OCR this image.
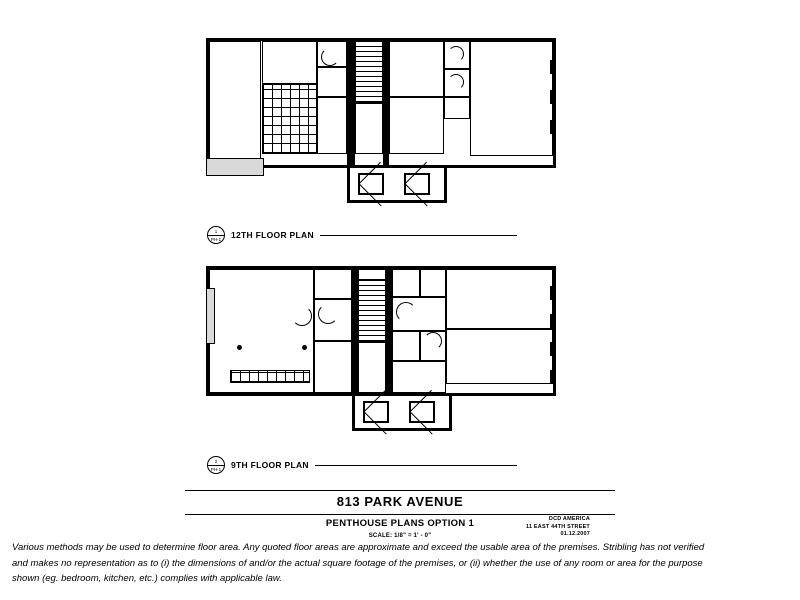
1
PH-1	12TH FLOOR PLAN
2
PH-1	9TH FLOOR PLAN
813 PARK AVENUE
PENTHOUSE PLANS OPTION 1
SCALE: 1/8" = 1' - 0"
DCD AMERICA
11 EAST 44TH STREET
01.12.2007
Various methods may be used to determine floor area. Any quoted floor areas are approximate and exceed the usable area of the premises. Stribling has not verified
and makes no representation as to (i) the dimensions of and/or the actual square footage of the premises, or (ii) whether the use of any room or area for the purpose
shown (eg. bedroom, kitchen, etc.) complies with applicable law.
